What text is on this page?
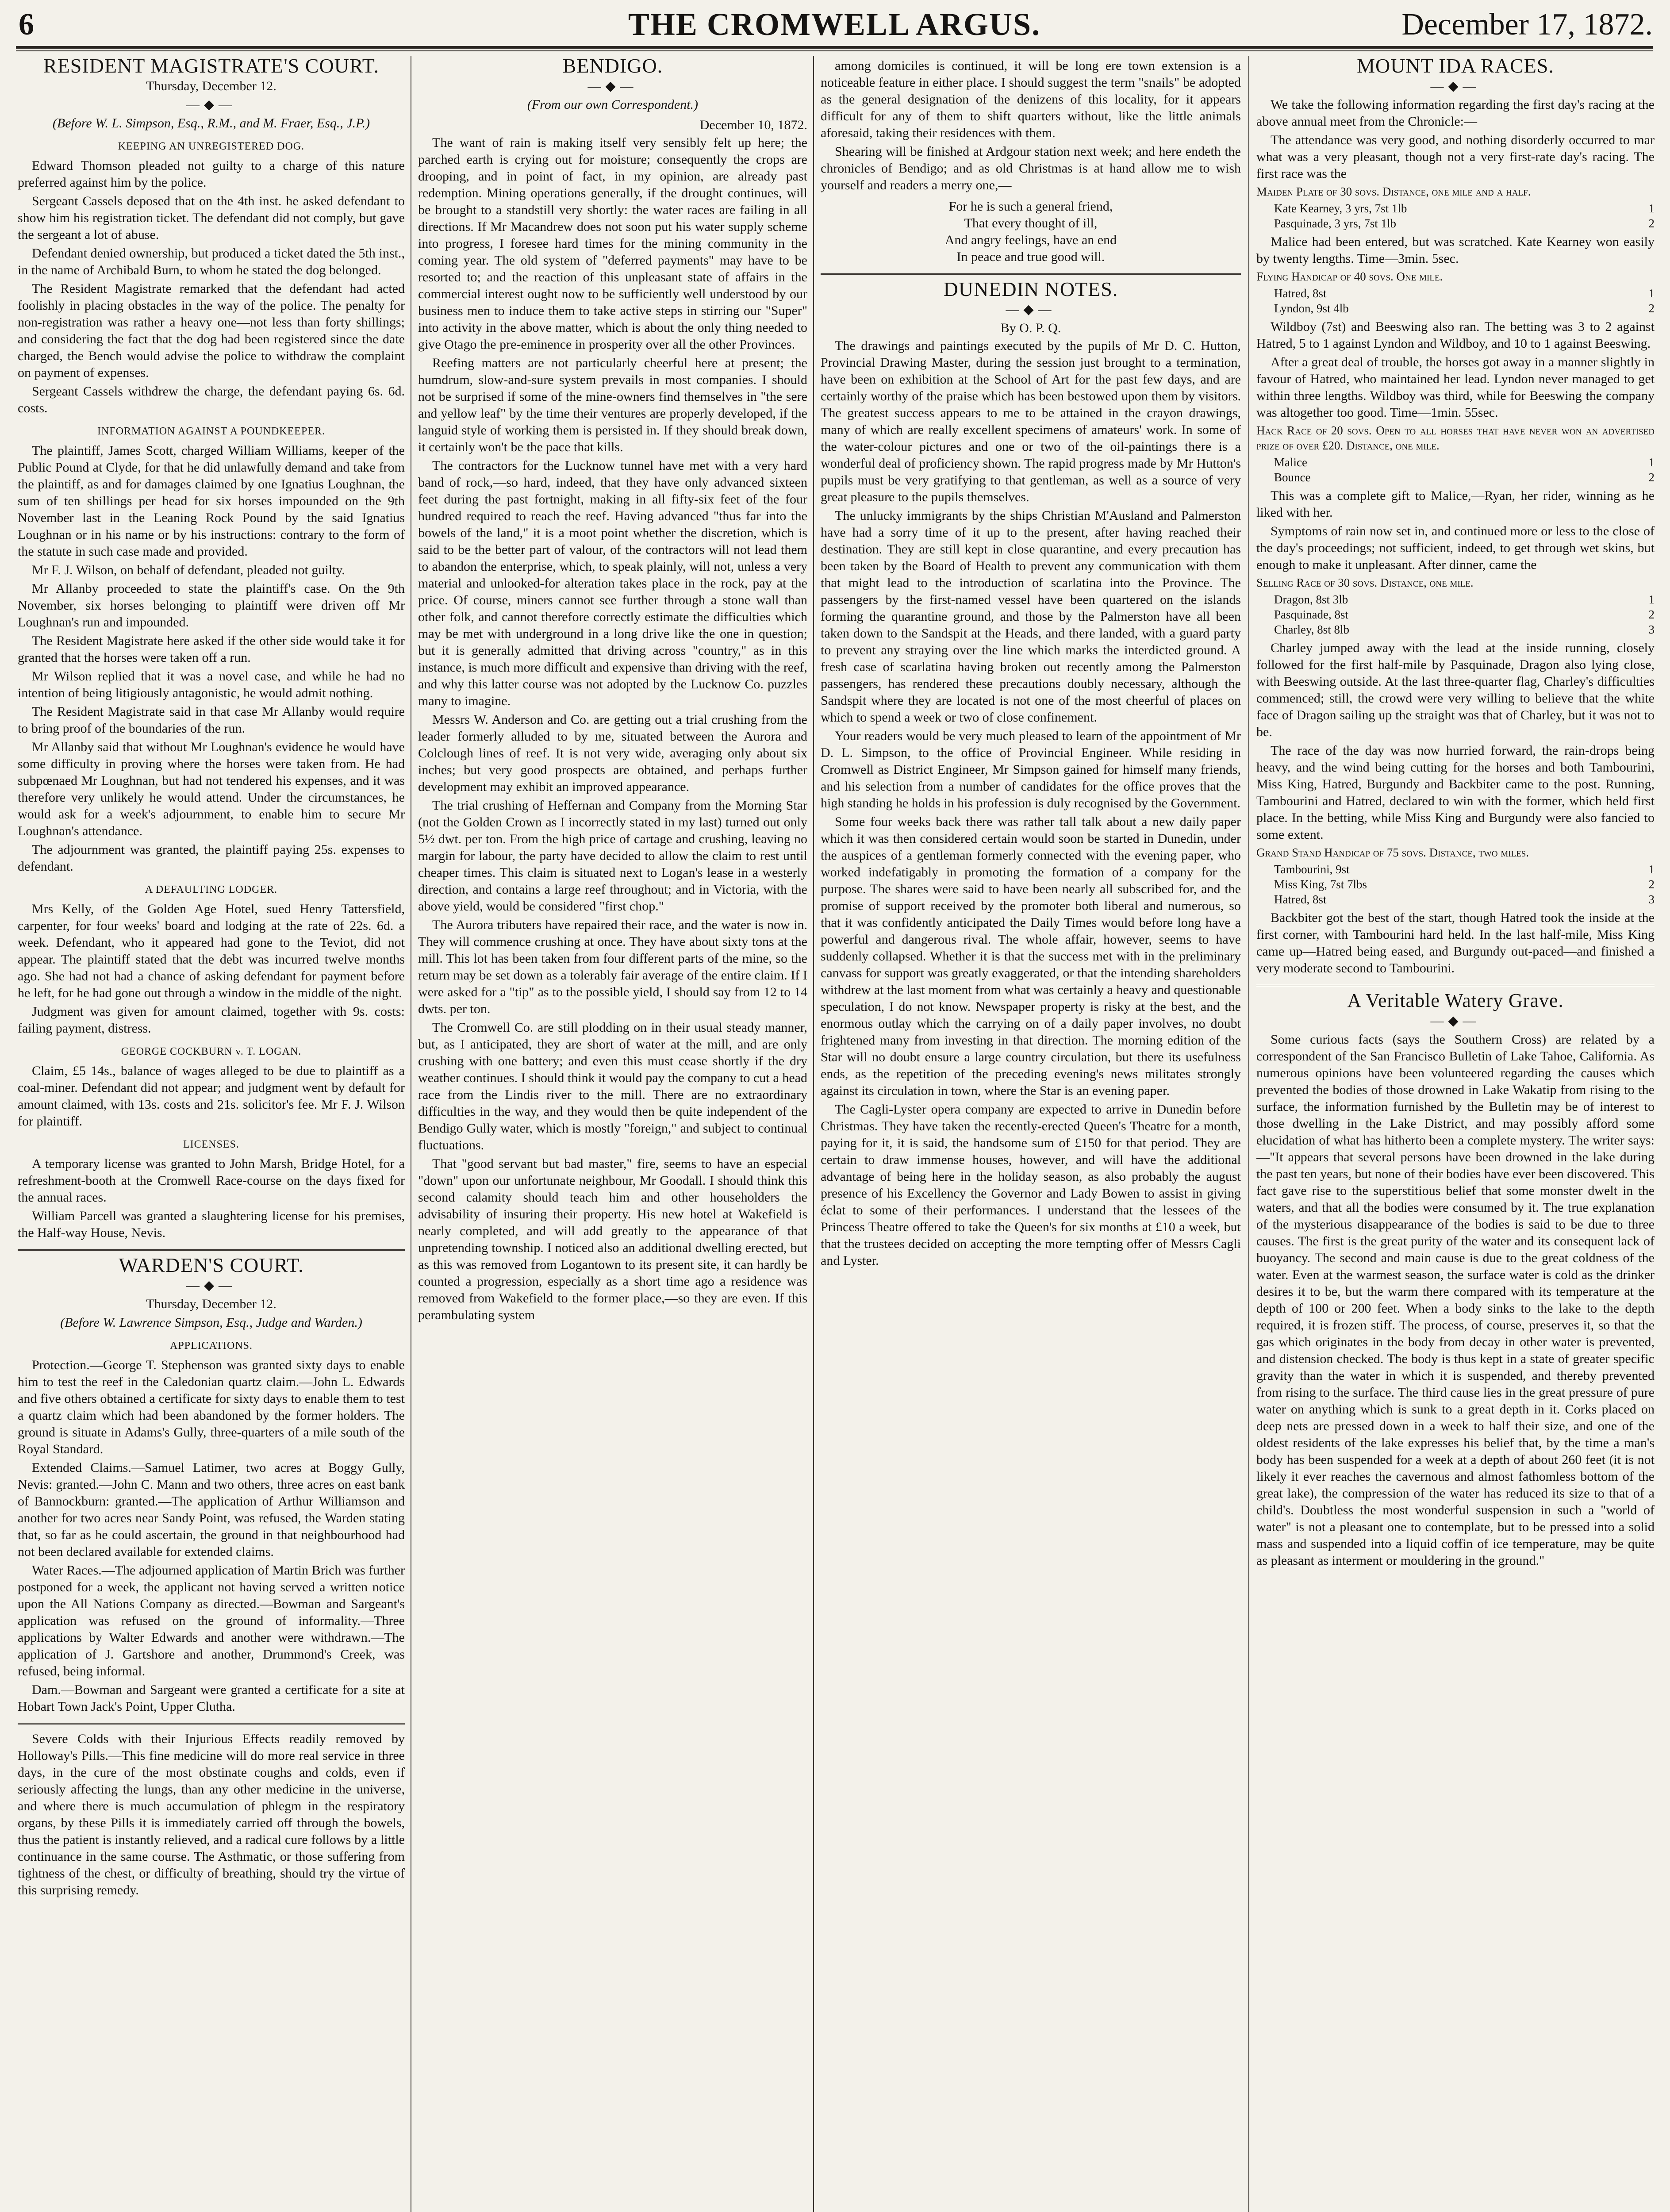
6	THE CROMWELL ARGUS.	December 17, 1872.
RESIDENT MAGISTRATE'S COURT.
Thursday, December 12.
―◆―
(Before W. L. Simpson, Esq., R.M., and M. Fraer, Esq., J.P.)
KEEPING AN UNREGISTERED DOG.

Edward Thomson pleaded not guilty to a charge of this nature preferred against him by the police.

Sergeant Cassels deposed that on the 4th inst. he asked defendant to show him his registration ticket. The defendant did not comply, but gave the sergeant a lot of abuse.

Defendant denied ownership, but produced a ticket dated the 5th inst., in the name of Archibald Burn, to whom he stated the dog belonged.

The Resident Magistrate remarked that the defendant had acted foolishly in placing obstacles in the way of the police. The penalty for non-registration was rather a heavy one—not less than forty shillings; and considering the fact that the dog had been registered since the date charged, the Bench would advise the police to withdraw the complaint on payment of expenses.

Sergeant Cassels withdrew the charge, the defendant paying 6s. 6d. costs.

INFORMATION AGAINST A POUNDKEEPER.

The plaintiff, James Scott, charged William Williams, keeper of the Public Pound at Clyde, for that he did unlawfully demand and take from the plaintiff, as and for damages claimed by one Ignatius Loughnan, the sum of ten shillings per head for six horses impounded on the 9th November last in the Leaning Rock Pound by the said Ignatius Loughnan or in his name or by his instructions: contrary to the form of the statute in such case made and provided.

Mr F. J. Wilson, on behalf of defendant, pleaded not guilty.

Mr Allanby proceeded to state the plaintiff's case. On the 9th November, six horses belonging to plaintiff were driven off Mr Loughnan's run and impounded.

The Resident Magistrate here asked if the other side would take it for granted that the horses were taken off a run.

Mr Wilson replied that it was a novel case, and while he had no intention of being litigiously antagonistic, he would admit nothing.

The Resident Magistrate said in that case Mr Allanby would require to bring proof of the boundaries of the run.

Mr Allanby said that without Mr Loughnan's evidence he would have some difficulty in proving where the horses were taken from. He had subpœnaed Mr Loughnan, but had not tendered his expenses, and it was therefore very unlikely he would attend. Under the circumstances, he would ask for a week's adjournment, to enable him to secure Mr Loughnan's attendance.

The adjournment was granted, the plaintiff paying 25s. expenses to defendant.

A DEFAULTING LODGER.

Mrs Kelly, of the Golden Age Hotel, sued Henry Tattersfield, carpenter, for four weeks' board and lodging at the rate of 22s. 6d. a week. Defendant, who it appeared had gone to the Teviot, did not appear. The plaintiff stated that the debt was incurred twelve months ago. She had not had a chance of asking defendant for payment before he left, for he had gone out through a window in the middle of the night.

Judgment was given for amount claimed, together with 9s. costs: failing payment, distress.

GEORGE COCKBURN v. T. LOGAN.

Claim, £5 14s., balance of wages alleged to be due to plaintiff as a coal-miner. Defendant did not appear; and judgment went by default for amount claimed, with 13s. costs and 21s. solicitor's fee. Mr F. J. Wilson for plaintiff.

LICENSES.

A temporary license was granted to John Marsh, Bridge Hotel, for a refreshment-booth at the Cromwell Race-course on the days fixed for the annual races.

William Parcell was granted a slaughtering license for his premises, the Half-way House, Nevis.

WARDEN'S COURT.
―◆―
Thursday, December 12.
(Before W. Lawrence Simpson, Esq., Judge and Warden.)
APPLICATIONS.

Protection.—George T. Stephenson was granted sixty days to enable him to test the reef in the Caledonian quartz claim.—John L. Edwards and five others obtained a certificate for sixty days to enable them to test a quartz claim which had been abandoned by the former holders. The ground is situate in Adams's Gully, three-quarters of a mile south of the Royal Standard.

Extended Claims.—Samuel Latimer, two acres at Boggy Gully, Nevis: granted.—John C. Mann and two others, three acres on east bank of Bannockburn: granted.—The application of Arthur Williamson and another for two acres near Sandy Point, was refused, the Warden stating that, so far as he could ascertain, the ground in that neighbourhood had not been declared available for extended claims.

Water Races.—The adjourned application of Martin Brich was further postponed for a week, the applicant not having served a written notice upon the All Nations Company as directed.—Bowman and Sargeant's application was refused on the ground of informality.—Three applications by Walter Edwards and another were withdrawn.—The application of J. Gartshore and another, Drummond's Creek, was refused, being informal.

Dam.—Bowman and Sargeant were granted a certificate for a site at Hobart Town Jack's Point, Upper Clutha.

Severe Colds with their Injurious Effects readily removed by Holloway's Pills.—This fine medicine will do more real service in three days, in the cure of the most obstinate coughs and colds, even if seriously affecting the lungs, than any other medicine in the universe, and where there is much accumulation of phlegm in the respiratory organs, by these Pills it is immediately carried off through the bowels, thus the patient is instantly relieved, and a radical cure follows by a little continuance in the same course. The Asthmatic, or those suffering from tightness of the chest, or difficulty of breathing, should try the virtue of this surprising remedy.

BENDIGO.
―◆―
(From our own Correspondent.)
December 10, 1872.

The want of rain is making itself very sensibly felt up here; the parched earth is crying out for moisture; consequently the crops are drooping, and in point of fact, in my opinion, are already past redemption. Mining operations generally, if the drought continues, will be brought to a standstill very shortly: the water races are failing in all directions. If Mr Macandrew does not soon put his water supply scheme into progress, I foresee hard times for the mining community in the coming year. The old system of "deferred payments" may have to be resorted to; and the reaction of this unpleasant state of affairs in the commercial interest ought now to be sufficiently well understood by our business men to induce them to take active steps in stirring our "Super" into activity in the above matter, which is about the only thing needed to give Otago the pre-eminence in prosperity over all the other Provinces.

Reefing matters are not particularly cheerful here at present; the humdrum, slow-and-sure system prevails in most companies. I should not be surprised if some of the mine-owners find themselves in "the sere and yellow leaf" by the time their ventures are properly developed, if the languid style of working them is persisted in. If they should break down, it certainly won't be the pace that kills.

The contractors for the Lucknow tunnel have met with a very hard band of rock,—so hard, indeed, that they have only advanced sixteen feet during the past fortnight, making in all fifty-six feet of the four hundred required to reach the reef. Having advanced "thus far into the bowels of the land," it is a moot point whether the discretion, which is said to be the better part of valour, of the contractors will not lead them to abandon the enterprise, which, to speak plainly, will not, unless a very material and unlooked-for alteration takes place in the rock, pay at the price. Of course, miners cannot see further through a stone wall than other folk, and cannot therefore correctly estimate the difficulties which may be met with underground in a long drive like the one in question; but it is generally admitted that driving across "country," as in this instance, is much more difficult and expensive than driving with the reef, and why this latter course was not adopted by the Lucknow Co. puzzles many to imagine.

Messrs W. Anderson and Co. are getting out a trial crushing from the leader formerly alluded to by me, situated between the Aurora and Colclough lines of reef. It is not very wide, averaging only about six inches; but very good prospects are obtained, and perhaps further development may exhibit an improved appearance.

The trial crushing of Heffernan and Company from the Morning Star (not the Golden Crown as I incorrectly stated in my last) turned out only 5½ dwt. per ton. From the high price of cartage and crushing, leaving no margin for labour, the party have decided to allow the claim to rest until cheaper times. This claim is situated next to Logan's lease in a westerly direction, and contains a large reef throughout; and in Victoria, with the above yield, would be considered "first chop."

The Aurora tributers have repaired their race, and the water is now in. They will commence crushing at once. They have about sixty tons at the mill. This lot has been taken from four different parts of the mine, so the return may be set down as a tolerably fair average of the entire claim. If I were asked for a "tip" as to the possible yield, I should say from 12 to 14 dwts. per ton.

The Cromwell Co. are still plodding on in their usual steady manner, but, as I anticipated, they are short of water at the mill, and are only crushing with one battery; and even this must cease shortly if the dry weather continues. I should think it would pay the company to cut a head race from the Lindis river to the mill. There are no extraordinary difficulties in the way, and they would then be quite independent of the Bendigo Gully water, which is mostly "foreign," and subject to continual fluctuations.

That "good servant but bad master," fire, seems to have an especial "down" upon our unfortunate neighbour, Mr Goodall. I should think this second calamity should teach him and other householders the advisability of insuring their property. His new hotel at Wakefield is nearly completed, and will add greatly to the appearance of that unpretending township. I noticed also an additional dwelling erected, but as this was removed from Logantown to its present site, it can hardly be counted a progression, especially as a short time ago a residence was removed from Wakefield to the former place,—so they are even. If this perambulating system

among domiciles is continued, it will be long ere town extension is a noticeable feature in either place. I should suggest the term "snails" be adopted as the general designation of the denizens of this locality, for it appears difficult for any of them to shift quarters without, like the little animals aforesaid, taking their residences with them.

Shearing will be finished at Ardgour station next week; and here endeth the chronicles of Bendigo; and as old Christmas is at hand allow me to wish yourself and readers a merry one,—

For he is such a general friend,
That every thought of ill,
And angry feelings, have an end
In peace and true good will.
DUNEDIN NOTES.
―◆―
By O. P. Q.

The drawings and paintings executed by the pupils of Mr D. C. Hutton, Provincial Drawing Master, during the session just brought to a termination, have been on exhibition at the School of Art for the past few days, and are certainly worthy of the praise which has been bestowed upon them by visitors. The greatest success appears to me to be attained in the crayon drawings, many of which are really excellent specimens of amateurs' work. In some of the water-colour pictures and one or two of the oil-paintings there is a wonderful deal of proficiency shown. The rapid progress made by Mr Hutton's pupils must be very gratifying to that gentleman, as well as a source of very great pleasure to the pupils themselves.

The unlucky immigrants by the ships Christian M'Ausland and Palmerston have had a sorry time of it up to the present, after having reached their destination. They are still kept in close quarantine, and every precaution has been taken by the Board of Health to prevent any communication with them that might lead to the introduction of scarlatina into the Province. The passengers by the first-named vessel have been quartered on the islands forming the quarantine ground, and those by the Palmerston have all been taken down to the Sandspit at the Heads, and there landed, with a guard party to prevent any straying over the line which marks the interdicted ground. A fresh case of scarlatina having broken out recently among the Palmerston passengers, has rendered these precautions doubly necessary, although the Sandspit where they are located is not one of the most cheerful of places on which to spend a week or two of close confinement.

Your readers would be very much pleased to learn of the appointment of Mr D. L. Simpson, to the office of Provincial Engineer. While residing in Cromwell as District Engineer, Mr Simpson gained for himself many friends, and his selection from a number of candidates for the office proves that the high standing he holds in his profession is duly recognised by the Government.

Some four weeks back there was rather tall talk about a new daily paper which it was then considered certain would soon be started in Dunedin, under the auspices of a gentleman formerly connected with the evening paper, who worked indefatigably in promoting the formation of a company for the purpose. The shares were said to have been nearly all subscribed for, and the promise of support received by the promoter both liberal and numerous, so that it was confidently anticipated the Daily Times would before long have a powerful and dangerous rival. The whole affair, however, seems to have suddenly collapsed. Whether it is that the success met with in the preliminary canvass for support was greatly exaggerated, or that the intending shareholders withdrew at the last moment from what was certainly a heavy and questionable speculation, I do not know. Newspaper property is risky at the best, and the enormous outlay which the carrying on of a daily paper involves, no doubt frightened many from investing in that direction. The morning edition of the Star will no doubt ensure a large country circulation, but there its usefulness ends, as the repetition of the preceding evening's news militates strongly against its circulation in town, where the Star is an evening paper.

The Cagli-Lyster opera company are expected to arrive in Dunedin before Christmas. They have taken the recently-erected Queen's Theatre for a month, paying for it, it is said, the handsome sum of £150 for that period. They are certain to draw immense houses, however, and will have the additional advantage of being here in the holiday season, as also probably the august presence of his Excellency the Governor and Lady Bowen to assist in giving éclat to some of their performances. I understand that the lessees of the Princess Theatre offered to take the Queen's for six months at £10 a week, but that the trustees decided on accepting the more tempting offer of Messrs Cagli and Lyster.

MOUNT IDA RACES.
―◆―

We take the following information regarding the first day's racing at the above annual meet from the Chronicle:—

The attendance was very good, and nothing disorderly occurred to mar what was a very pleasant, though not a very first-rate day's racing. The first race was the

Maiden Plate of 30 sovs. Distance, one mile and a half.

Kate Kearney, 3 yrs, 7st 1lb	1
Pasquinade, 3 yrs, 7st 1lb	2

Malice had been entered, but was scratched. Kate Kearney won easily by twenty lengths. Time—3min. 5sec.

Flying Handicap of 40 sovs. One mile.

Hatred, 8st	1
Lyndon, 9st 4lb	2

Wildboy (7st) and Beeswing also ran. The betting was 3 to 2 against Hatred, 5 to 1 against Lyndon and Wildboy, and 10 to 1 against Beeswing.

After a great deal of trouble, the horses got away in a manner slightly in favour of Hatred, who maintained her lead. Lyndon never managed to get within three lengths. Wildboy was third, while for Beeswing the company was altogether too good. Time—1min. 55sec.

Hack Race of 20 sovs. Open to all horses that have never won an advertised prize of over £20. Distance, one mile.

Malice	1
Bounce	2

This was a complete gift to Malice,—Ryan, her rider, winning as he liked with her.

Symptoms of rain now set in, and continued more or less to the close of the day's proceedings; not sufficient, indeed, to get through wet skins, but enough to make it unpleasant. After dinner, came the

Selling Race of 30 sovs. Distance, one mile.

Dragon, 8st 3lb	1
Pasquinade, 8st	2
Charley, 8st 8lb	3

Charley jumped away with the lead at the inside running, closely followed for the first half-mile by Pasquinade, Dragon also lying close, with Beeswing outside. At the last three-quarter flag, Charley's difficulties commenced; still, the crowd were very willing to believe that the white face of Dragon sailing up the straight was that of Charley, but it was not to be.

The race of the day was now hurried forward, the rain-drops being heavy, and the wind being cutting for the horses and both Tambourini, Miss King, Hatred, Burgundy and Backbiter came to the post. Running, Tambourini and Hatred, declared to win with the former, which held first place. In the betting, while Miss King and Burgundy were also fancied to some extent.

Grand Stand Handicap of 75 sovs. Distance, two miles.

Tambourini, 9st	1
Miss King, 7st 7lbs	2
Hatred, 8st	3

Backbiter got the best of the start, though Hatred took the inside at the first corner, with Tambourini hard held. In the last half-mile, Miss King came up—Hatred being eased, and Burgundy out-paced—and finished a very moderate second to Tambourini.

A Veritable Watery Grave.
―◆―

Some curious facts (says the Southern Cross) are related by a correspondent of the San Francisco Bulletin of Lake Tahoe, California. As numerous opinions have been volunteered regarding the causes which prevented the bodies of those drowned in Lake Wakatip from rising to the surface, the information furnished by the Bulletin may be of interest to those dwelling in the Lake District, and may possibly afford some elucidation of what has hitherto been a complete mystery. The writer says:—"It appears that several persons have been drowned in the lake during the past ten years, but none of their bodies have ever been discovered. This fact gave rise to the superstitious belief that some monster dwelt in the waters, and that all the bodies were consumed by it. The true explanation of the mysterious disappearance of the bodies is said to be due to three causes. The first is the great purity of the water and its consequent lack of buoyancy. The second and main cause is due to the great coldness of the water. Even at the warmest season, the surface water is cold as the drinker desires it to be, but the warm there compared with its temperature at the depth of 100 or 200 feet. When a body sinks to the lake to the depth required, it is frozen stiff. The process, of course, preserves it, so that the gas which originates in the body from decay in other water is prevented, and distension checked. The body is thus kept in a state of greater specific gravity than the water in which it is suspended, and thereby prevented from rising to the surface. The third cause lies in the great pressure of pure water on anything which is sunk to a great depth in it. Corks placed on deep nets are pressed down in a week to half their size, and one of the oldest residents of the lake expresses his belief that, by the time a man's body has been suspended for a week at a depth of about 260 feet (it is not likely it ever reaches the cavernous and almost fathomless bottom of the great lake), the compression of the water has reduced its size to that of a child's. Doubtless the most wonderful suspension in such a "world of water" is not a pleasant one to contemplate, but to be pressed into a solid mass and suspended into a liquid coffin of ice temperature, may be quite as pleasant as interment or mouldering in the ground."
